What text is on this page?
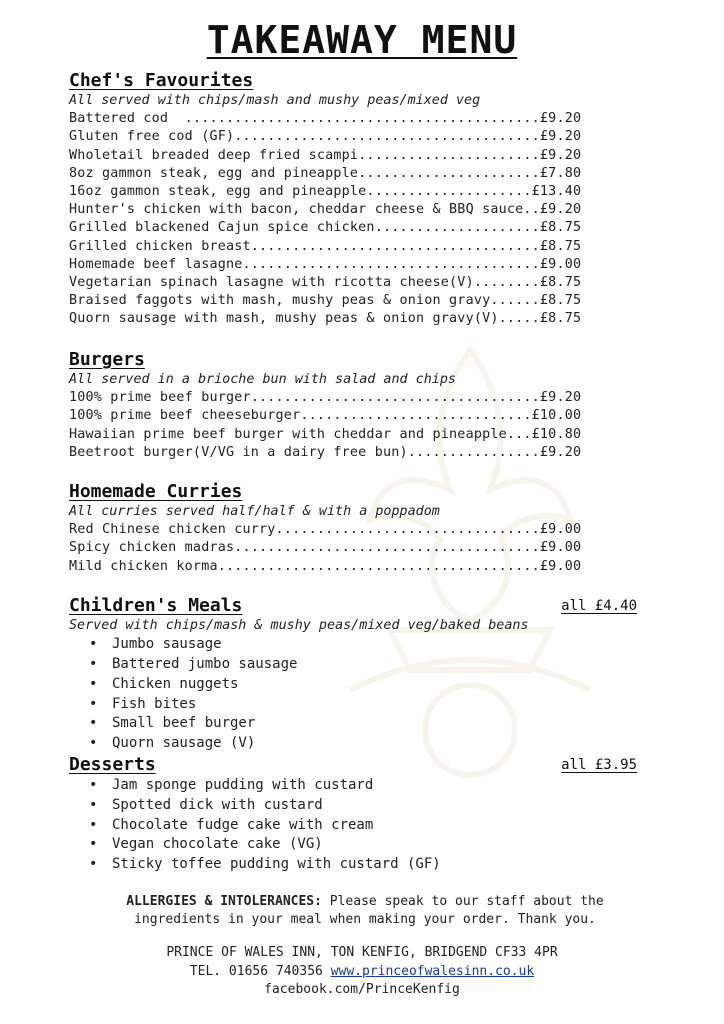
TAKEAWAY MENU
Chef's Favourites
All served with chips/mash and mushy peas/mixed veg
Battered cod  ...........................................£9.20
Gluten free cod (GF).....................................£9.20
Wholetail breaded deep fried scampi......................£9.20
8oz gammon steak, egg and pineapple......................£7.80
16oz gammon steak, egg and pineapple....................£13.40
Hunter's chicken with bacon, cheddar cheese & BBQ sauce..£9.20
Grilled blackened Cajun spice chicken....................£8.75
Grilled chicken breast...................................£8.75
Homemade beef lasagne....................................£9.00
Vegetarian spinach lasagne with ricotta cheese(V)........£8.75
Braised faggots with mash, mushy peas & onion gravy......£8.75
Quorn sausage with mash, mushy peas & onion gravy(V).....£8.75
Burgers
All served in a brioche bun with salad and chips
100% prime beef burger...................................£9.20
100% prime beef cheeseburger............................£10.00
Hawaiian prime beef burger with cheddar and pineapple...£10.80
Beetroot burger(V/VG in a dairy free bun)................£9.20
Homemade Curries
All curries served half/half & with a poppadom
Red Chinese chicken curry................................£9.00
Spicy chicken madras.....................................£9.00
Mild chicken korma.......................................£9.00
Children's Meals	all £4.40
Served with chips/mash & mushy peas/mixed veg/baked beans
• Jumbo sausage
• Battered jumbo sausage
• Chicken nuggets
• Fish bites
• Small beef burger
• Quorn sausage (V)
Desserts	all £3.95
• Jam sponge pudding with custard
• Spotted dick with custard
• Chocolate fudge cake with cream
• Vegan chocolate cake (VG)
• Sticky toffee pudding with custard (GF)
ALLERGIES & INTOLERANCES: Please speak to our staff about the ingredients in your meal when making your order. Thank you.
PRINCE OF WALES INN, TON KENFIG, BRIDGEND CF33 4PR
TEL. 01656 740356 www.princeofwalesinn.co.uk
facebook.com/PrinceKenfig
